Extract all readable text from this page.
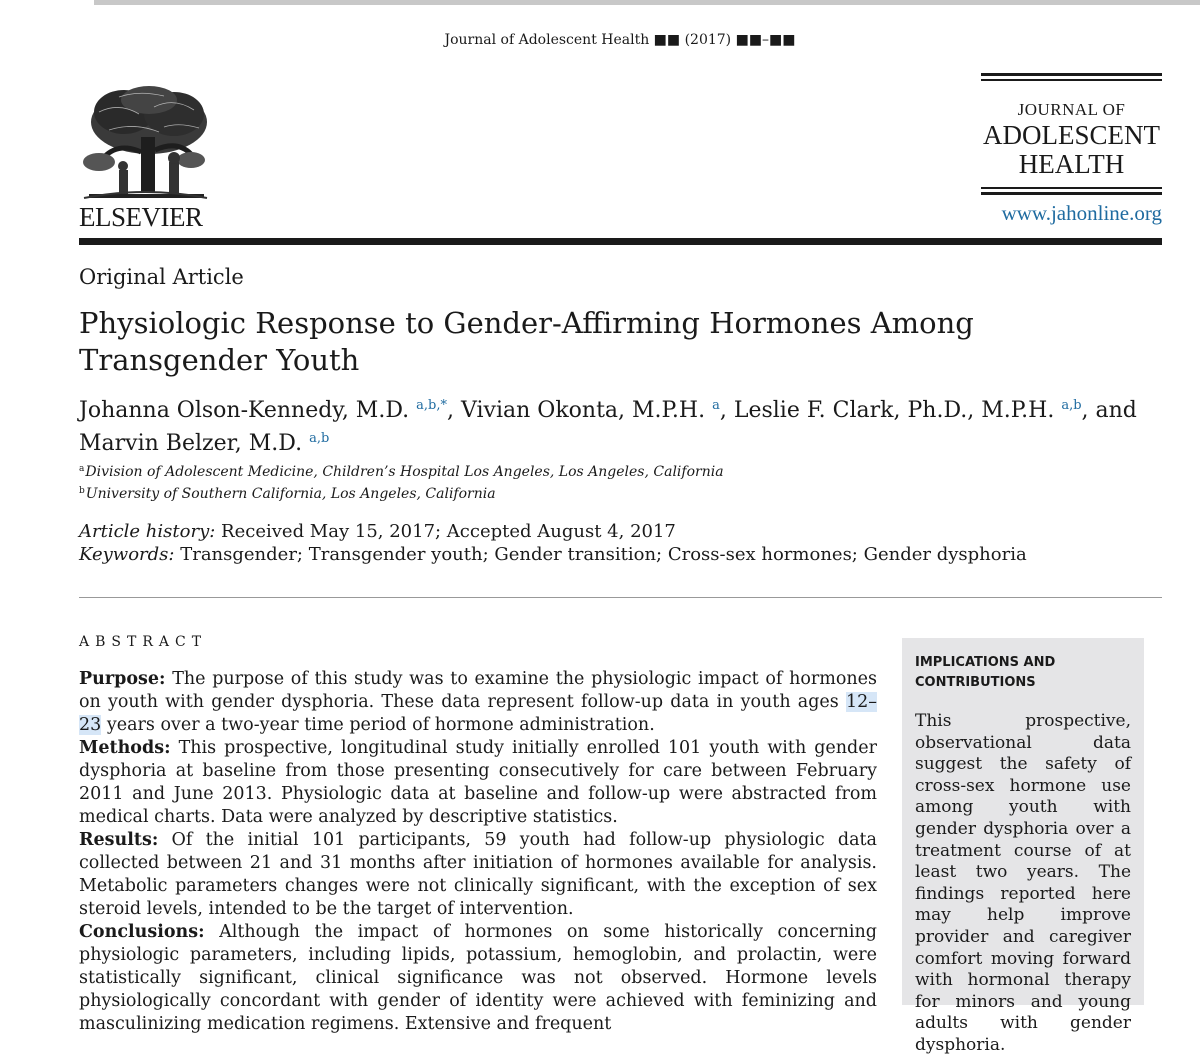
Journal of Adolescent Health ■■ (2017) ■■–■■
ELSEVIER
JOURNAL OF
ADOLESCENT
HEALTH
www.jahonline.org
Original Article
Physiologic Response to Gender-Affirming Hormones Among Transgender Youth
Johanna Olson-Kennedy, M.D. $^{a,b,*}$, Vivian Okonta, M.P.H. $^a$, Leslie F. Clark, Ph.D., M.P.H. $^{a,b}$, and
Marvin Belzer, M.D. $^{a,b}$
$^a$Division of Adolescent Medicine, Children’s Hospital Los Angeles, Los Angeles, California
$^b$University of Southern California, Los Angeles, California
Article history: Received May 15, 2017; Accepted August 4, 2017
Keywords: Transgender; Transgender youth; Gender transition; Cross-sex hormones; Gender dysphoria
ABSTRACT

Purpose: The purpose of this study was to examine the physiologic impact of hormones on youth with gender dysphoria. These data represent follow-up data in youth ages 12–23 years over a two-year time period of hormone administration.

Methods: This prospective, longitudinal study initially enrolled 101 youth with gender dysphoria at baseline from those presenting consecutively for care between February 2011 and June 2013. Physiologic data at baseline and follow-up were abstracted from medical charts. Data were analyzed by descriptive statistics.

Results: Of the initial 101 participants, 59 youth had follow-up physiologic data collected between 21 and 31 months after initiation of hormones available for analysis. Metabolic parameters changes were not clinically significant, with the exception of sex steroid levels, intended to be the target of intervention.

Conclusions: Although the impact of hormones on some historically concerning physiologic parameters, including lipids, potassium, hemoglobin, and prolactin, were statistically significant, clinical significance was not observed. Hormone levels physiologically concordant with gender of identity were achieved with feminizing and masculinizing medication regimens. Extensive and frequent

IMPLICATIONS AND CONTRIBUTIONS
This prospective, observational data suggest the safety of cross-sex hormone use among youth with gender dysphoria over a treatment course of at least two years. The findings reported here may help improve provider and caregiver comfort moving forward with hormonal therapy for minors and young adults with gender dysphoria.
